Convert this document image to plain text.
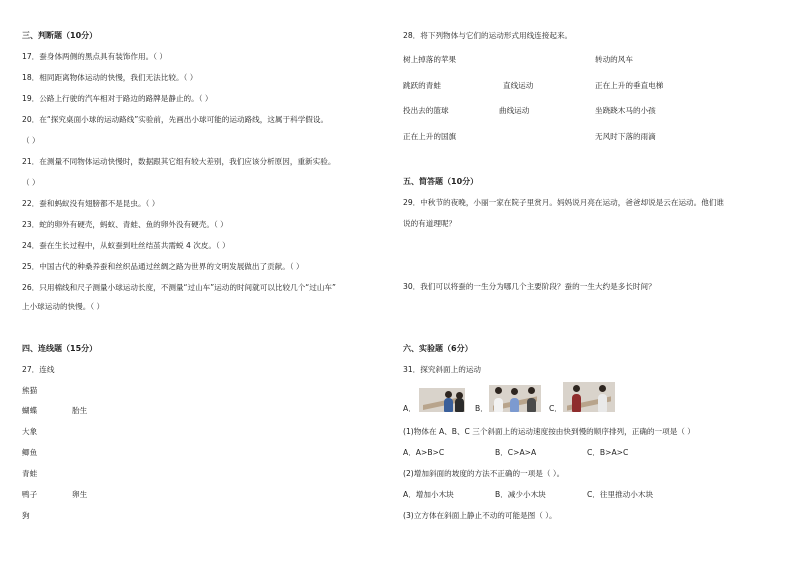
三、判断题（10分）
17．蚕身体两侧的黑点具有装饰作用。（ ）
18．相同距离物体运动的快慢，我们无法比较。（ ）
19．公路上行驶的汽车相对于路边的路牌是静止的。（ ）
20．在“探究桌面小球的运动路线”实验前，先画出小球可能的运动路线，这属于科学假设。
（ ）
21．在测量不同物体运动快慢时，数据跟其它组有较大差别，我们应该分析原因，重新实验。
（ ）
22．蚕和蚂蚁没有翅膀都不是昆虫。（ ）
23．蛇的卵外有硬壳，蚂蚁、青蛙、鱼的卵外没有硬壳。（ ）
24．蚕在生长过程中，从蚁蚕到吐丝结茧共需蜕 4 次皮。（ ）
25．中国古代的种桑养蚕和丝织品通过丝绸之路为世界的文明发展做出了贡献。（ ）
26．只用棉线和尺子测量小球运动长度，不测量“过山车”运动的时间就可以比较几个“过山车”
上小球运动的快慢。（ ）
四、连线题（15分）
27．连线
熊猫
蝴蝶	胎生
大象
鲫鱼
青蛙
鸭子	卵生
狗
28．将下列物体与它们的运动形式用线连接起来。
树上掉落的苹果	转动的风车
跳跃的青蛙	直线运动	正在上升的垂直电梯
投出去的篮球	曲线运动	坐跷跷木马的小孩
正在上升的国旗	无风时下落的雨滴
五、简答题（10分）
29．中秋节的夜晚，小丽一家在院子里赏月。妈妈说月亮在运动，爸爸却说是云在运动。他们谁
说的有道理呢？
30．我们可以将蚕的一生分为哪几个主要阶段？蚕的一生大约是多长时间？
六、实验题（6分）
31．探究斜面上的运动
A．	B．	C．
(1)物体在 A、B、C 三个斜面上的运动速度按由快到慢的顺序排列，正确的一项是（ ）
A．A>B>C	B．C>A>A	C．B>A>C
(2)增加斜面的坡度的方法不正确的一项是（ ）。
A．增加小木块	B．减少小木块	C．往里推动小木块
(3)立方体在斜面上静止不动的可能是图（ ）。
